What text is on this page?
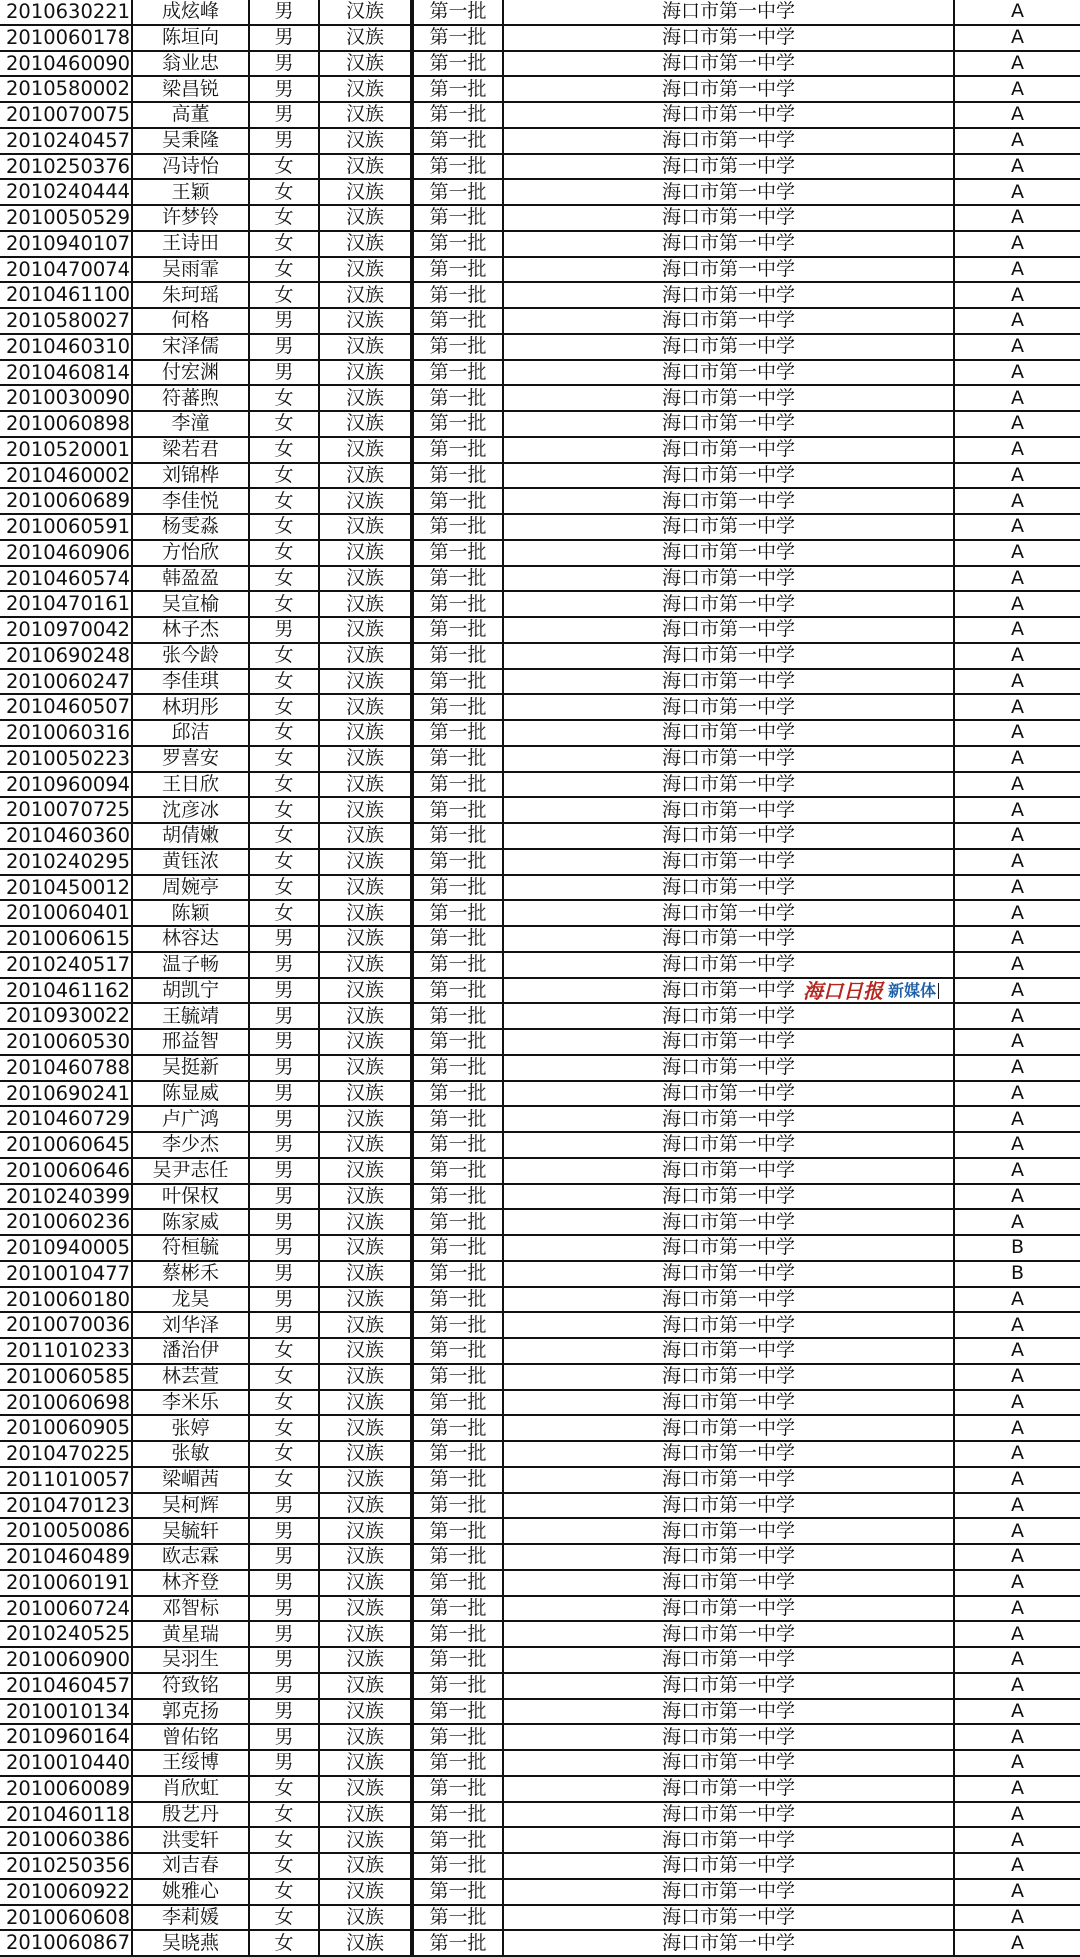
2010630221	成炫峰	男	汉族	第一批	海口市第一中学	A
2010060178	陈垣向	男	汉族	第一批	海口市第一中学	A
2010460090	翁业忠	男	汉族	第一批	海口市第一中学	A
2010580002	梁昌锐	男	汉族	第一批	海口市第一中学	A
2010070075	高董	男	汉族	第一批	海口市第一中学	A
2010240457	吴秉隆	男	汉族	第一批	海口市第一中学	A
2010250376	冯诗怡	女	汉族	第一批	海口市第一中学	A
2010240444	王颖	女	汉族	第一批	海口市第一中学	A
2010050529	许梦铃	女	汉族	第一批	海口市第一中学	A
2010940107	王诗田	女	汉族	第一批	海口市第一中学	A
2010470074	吴雨霏	女	汉族	第一批	海口市第一中学	A
2010461100	朱珂瑶	女	汉族	第一批	海口市第一中学	A
2010580027	何格	男	汉族	第一批	海口市第一中学	A
2010460310	宋泽儒	男	汉族	第一批	海口市第一中学	A
2010460814	付宏渊	男	汉族	第一批	海口市第一中学	A
2010030090	符蕃煦	女	汉族	第一批	海口市第一中学	A
2010060898	李潼	女	汉族	第一批	海口市第一中学	A
2010520001	梁若君	女	汉族	第一批	海口市第一中学	A
2010460002	刘锦桦	女	汉族	第一批	海口市第一中学	A
2010060689	李佳悦	女	汉族	第一批	海口市第一中学	A
2010060591	杨雯淼	女	汉族	第一批	海口市第一中学	A
2010460906	方怡欣	女	汉族	第一批	海口市第一中学	A
2010460574	韩盈盈	女	汉族	第一批	海口市第一中学	A
2010470161	吴宣榆	女	汉族	第一批	海口市第一中学	A
2010970042	林子杰	男	汉族	第一批	海口市第一中学	A
2010690248	张今龄	女	汉族	第一批	海口市第一中学	A
2010060247	李佳琪	女	汉族	第一批	海口市第一中学	A
2010460507	林玥彤	女	汉族	第一批	海口市第一中学	A
2010060316	邱洁	女	汉族	第一批	海口市第一中学	A
2010050223	罗喜安	女	汉族	第一批	海口市第一中学	A
2010960094	王日欣	女	汉族	第一批	海口市第一中学	A
2010070725	沈彦冰	女	汉族	第一批	海口市第一中学	A
2010460360	胡倩嫩	女	汉族	第一批	海口市第一中学	A
2010240295	黄钰浓	女	汉族	第一批	海口市第一中学	A
2010450012	周婉亭	女	汉族	第一批	海口市第一中学	A
2010060401	陈颖	女	汉族	第一批	海口市第一中学	A
2010060615	林容达	男	汉族	第一批	海口市第一中学	A
2010240517	温子畅	男	汉族	第一批	海口市第一中学	A
2010461162	胡凯宁	男	汉族	第一批	海口市第一中学	A
2010930022	王毓靖	男	汉族	第一批	海口市第一中学	A
2010060530	邢益智	男	汉族	第一批	海口市第一中学	A
2010460788	吴挺新	男	汉族	第一批	海口市第一中学	A
2010690241	陈显威	男	汉族	第一批	海口市第一中学	A
2010460729	卢广鸿	男	汉族	第一批	海口市第一中学	A
2010060645	李少杰	男	汉族	第一批	海口市第一中学	A
2010060646	吴尹志任	男	汉族	第一批	海口市第一中学	A
2010240399	叶保权	男	汉族	第一批	海口市第一中学	A
2010060236	陈家威	男	汉族	第一批	海口市第一中学	A
2010940005	符桓毓	男	汉族	第一批	海口市第一中学	B
2010010477	蔡彬禾	男	汉族	第一批	海口市第一中学	B
2010060180	龙昊	男	汉族	第一批	海口市第一中学	A
2010070036	刘华泽	男	汉族	第一批	海口市第一中学	A
2011010233	潘治伊	女	汉族	第一批	海口市第一中学	A
2010060585	林芸萱	女	汉族	第一批	海口市第一中学	A
2010060698	李米乐	女	汉族	第一批	海口市第一中学	A
2010060905	张婷	女	汉族	第一批	海口市第一中学	A
2010470225	张敏	女	汉族	第一批	海口市第一中学	A
2011010057	梁嵋茜	女	汉族	第一批	海口市第一中学	A
2010470123	吴柯辉	男	汉族	第一批	海口市第一中学	A
2010050086	吴毓轩	男	汉族	第一批	海口市第一中学	A
2010460489	欧志霖	男	汉族	第一批	海口市第一中学	A
2010060191	林齐登	男	汉族	第一批	海口市第一中学	A
2010060724	邓智标	男	汉族	第一批	海口市第一中学	A
2010240525	黄星瑞	男	汉族	第一批	海口市第一中学	A
2010060900	吴羽生	男	汉族	第一批	海口市第一中学	A
2010460457	符致铭	男	汉族	第一批	海口市第一中学	A
2010010134	郭克扬	男	汉族	第一批	海口市第一中学	A
2010960164	曾佑铭	男	汉族	第一批	海口市第一中学	A
2010010440	王绥博	男	汉族	第一批	海口市第一中学	A
2010060089	肖欣虹	女	汉族	第一批	海口市第一中学	A
2010460118	殷艺丹	女	汉族	第一批	海口市第一中学	A
2010060386	洪雯轩	女	汉族	第一批	海口市第一中学	A
2010250356	刘吉春	女	汉族	第一批	海口市第一中学	A
2010060922	姚雅心	女	汉族	第一批	海口市第一中学	A
2010060608	李莉媛	女	汉族	第一批	海口市第一中学	A
2010060867	吴晓燕	女	汉族	第一批	海口市第一中学	A
海口日报 新媒体
